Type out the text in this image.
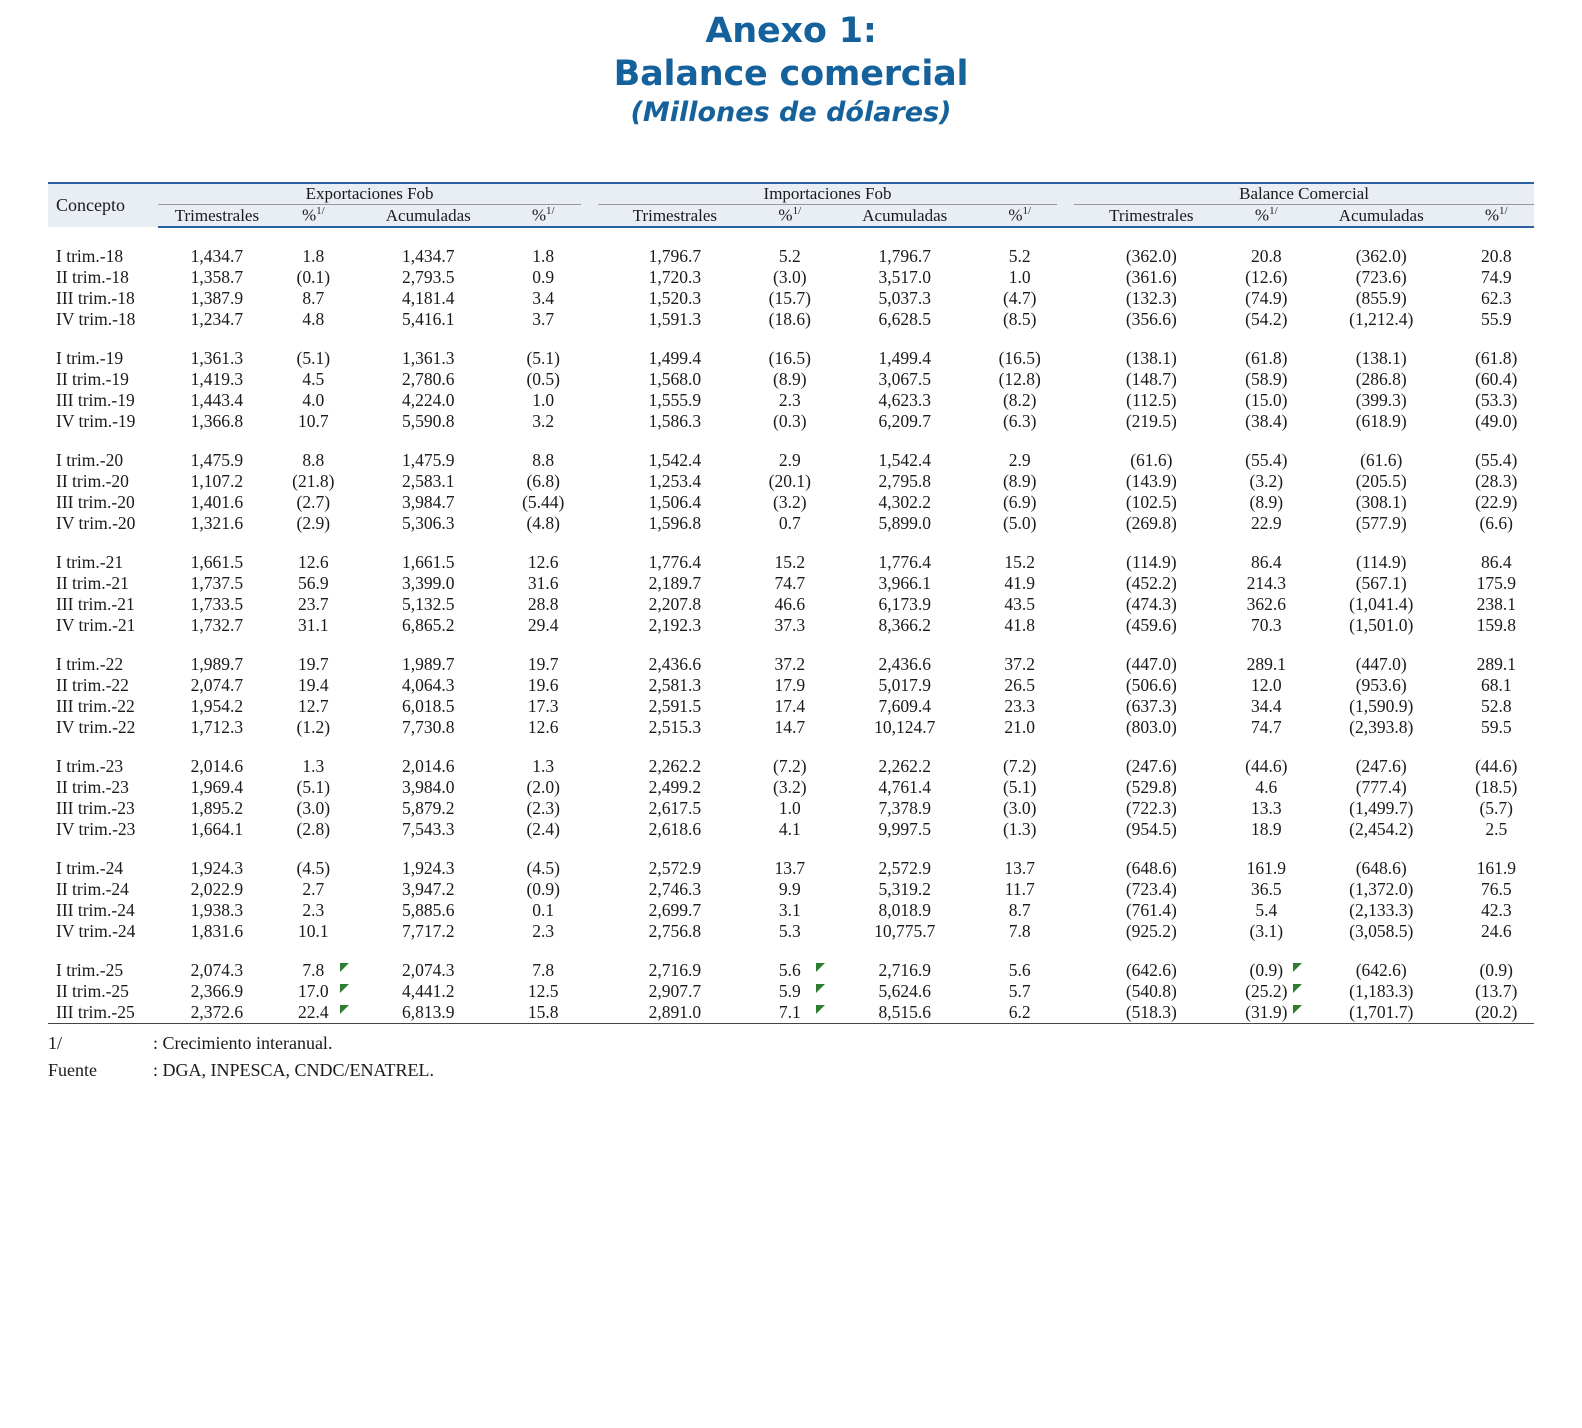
Anexo 1:
Balance comercial
(Millones de dólares)
Concepto	Exportaciones Fob					Importaciones Fob					Balance Comercial				
	Trimestrales	%$^{1/}$	Acumuladas	%$^{1/}$		Trimestrales	%$^{1/}$	Acumuladas	%$^{1/}$		Trimestrales	%$^{1/}$	Acumuladas	%$^{1/}$
I trim.-18	1,434.7	1.8	1,434.7	1.8		1,796.7	5.2	1,796.7	5.2		(362.0)	20.8	(362.0)	20.8	
II trim.-18	1,358.7	(0.1)	2,793.5	0.9		1,720.3	(3.0)	3,517.0	1.0		(361.6)	(12.6)	(723.6)	74.9	
III trim.-18	1,387.9	8.7	4,181.4	3.4		1,520.3	(15.7)	5,037.3	(4.7)		(132.3)	(74.9)	(855.9)	62.3	
IV trim.-18	1,234.7	4.8	5,416.1	3.7		1,591.3	(18.6)	6,628.5	(8.5)		(356.6)	(54.2)	(1,212.4)	55.9	

I trim.-19	1,361.3	(5.1)	1,361.3	(5.1)		1,499.4	(16.5)	1,499.4	(16.5)		(138.1)	(61.8)	(138.1)	(61.8)	
II trim.-19	1,419.3	4.5	2,780.6	(0.5)		1,568.0	(8.9)	3,067.5	(12.8)		(148.7)	(58.9)	(286.8)	(60.4)	
III trim.-19	1,443.4	4.0	4,224.0	1.0		1,555.9	2.3	4,623.3	(8.2)		(112.5)	(15.0)	(399.3)	(53.3)	
IV trim.-19	1,366.8	10.7	5,590.8	3.2		1,586.3	(0.3)	6,209.7	(6.3)		(219.5)	(38.4)	(618.9)	(49.0)	

I trim.-20	1,475.9	8.8	1,475.9	8.8		1,542.4	2.9	1,542.4	2.9		(61.6)	(55.4)	(61.6)	(55.4)	
II trim.-20	1,107.2	(21.8)	2,583.1	(6.8)		1,253.4	(20.1)	2,795.8	(8.9)		(143.9)	(3.2)	(205.5)	(28.3)	
III trim.-20	1,401.6	(2.7)	3,984.7	(5.44)		1,506.4	(3.2)	4,302.2	(6.9)		(102.5)	(8.9)	(308.1)	(22.9)	
IV trim.-20	1,321.6	(2.9)	5,306.3	(4.8)		1,596.8	0.7	5,899.0	(5.0)		(269.8)	22.9	(577.9)	(6.6)	

I trim.-21	1,661.5	12.6	1,661.5	12.6		1,776.4	15.2	1,776.4	15.2		(114.9)	86.4	(114.9)	86.4	
II trim.-21	1,737.5	56.9	3,399.0	31.6		2,189.7	74.7	3,966.1	41.9		(452.2)	214.3	(567.1)	175.9	
III trim.-21	1,733.5	23.7	5,132.5	28.8		2,207.8	46.6	6,173.9	43.5		(474.3)	362.6	(1,041.4)	238.1	
IV trim.-21	1,732.7	31.1	6,865.2	29.4		2,192.3	37.3	8,366.2	41.8		(459.6)	70.3	(1,501.0)	159.8	

I trim.-22	1,989.7	19.7	1,989.7	19.7		2,436.6	37.2	2,436.6	37.2		(447.0)	289.1	(447.0)	289.1	
II trim.-22	2,074.7	19.4	4,064.3	19.6		2,581.3	17.9	5,017.9	26.5		(506.6)	12.0	(953.6)	68.1	
III trim.-22	1,954.2	12.7	6,018.5	17.3		2,591.5	17.4	7,609.4	23.3		(637.3)	34.4	(1,590.9)	52.8	
IV trim.-22	1,712.3	(1.2)	7,730.8	12.6		2,515.3	14.7	10,124.7	21.0		(803.0)	74.7	(2,393.8)	59.5	

I trim.-23	2,014.6	1.3	2,014.6	1.3		2,262.2	(7.2)	2,262.2	(7.2)		(247.6)	(44.6)	(247.6)	(44.6)	
II trim.-23	1,969.4	(5.1)	3,984.0	(2.0)		2,499.2	(3.2)	4,761.4	(5.1)		(529.8)	4.6	(777.4)	(18.5)	
III trim.-23	1,895.2	(3.0)	5,879.2	(2.3)		2,617.5	1.0	7,378.9	(3.0)		(722.3)	13.3	(1,499.7)	(5.7)	
IV trim.-23	1,664.1	(2.8)	7,543.3	(2.4)		2,618.6	4.1	9,997.5	(1.3)		(954.5)	18.9	(2,454.2)	2.5	

I trim.-24	1,924.3	(4.5)	1,924.3	(4.5)		2,572.9	13.7	2,572.9	13.7		(648.6)	161.9	(648.6)	161.9	
II trim.-24	2,022.9	2.7	3,947.2	(0.9)		2,746.3	9.9	5,319.2	11.7		(723.4)	36.5	(1,372.0)	76.5	
III trim.-24	1,938.3	2.3	5,885.6	0.1		2,699.7	3.1	8,018.9	8.7		(761.4)	5.4	(2,133.3)	42.3	
IV trim.-24	1,831.6	10.1	7,717.2	2.3		2,756.8	5.3	10,775.7	7.8		(925.2)	(3.1)	(3,058.5)	24.6	

I trim.-25	2,074.3	7.8	2,074.3	7.8		2,716.9	5.6	2,716.9	5.6		(642.6)	(0.9)	(642.6)	(0.9)	
II trim.-25	2,366.9	17.0	4,441.2	12.5		2,907.7	5.9	5,624.6	5.7		(540.8)	(25.2)	(1,183.3)	(13.7)	
III trim.-25	2,372.6	22.4	6,813.9	15.8		2,891.0	7.1	8,515.6	6.2		(518.3)	(31.9)	(1,701.7)	(20.2)	
1/	: Crecimiento interanual.
Fuente	: DGA, INPESCA, CNDC/ENATREL.
